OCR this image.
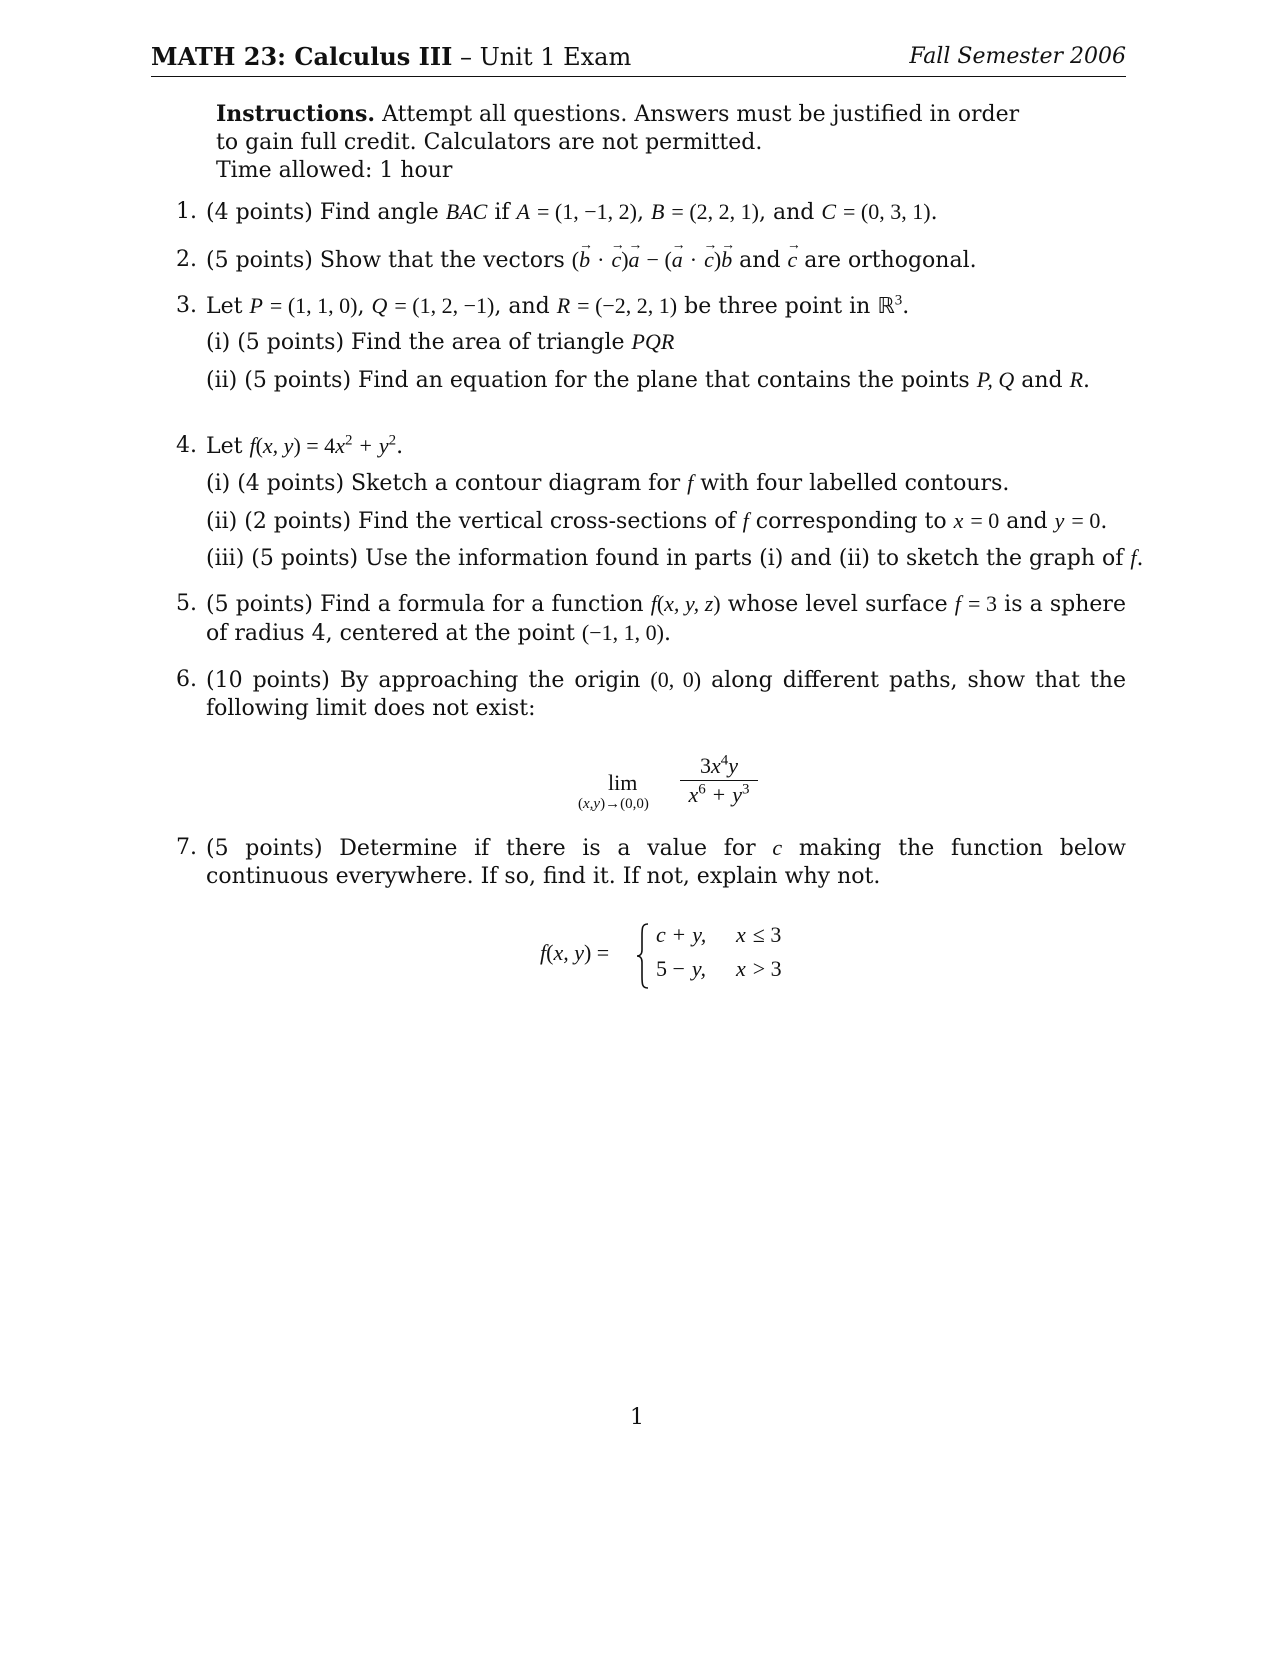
MATH 23: Calculus III – Unit 1 Exam	Fall Semester 2006

Instructions. Attempt all questions. Answers must be justified in order

to gain full credit. Calculators are not permitted.

Time allowed: 1 hour

1. (4 points) Find angle BAC if A = (1, −1, 2), B = (2, 2, 1), and C = (0, 3, 1).
2. (5 points) Show that the vectors (→ b · → c)→ a − (→ a · → c)→ b and → c are orthogonal.
3. Let P = (1, 1, 0), Q = (1, 2, −1), and R = (−2, 2, 1) be three point in ℝ$^3$.
(i) (5 points) Find the area of triangle PQR
(ii) (5 points) Find an equation for the plane that contains the points P, Q and R.
4. Let f(x, $y) = 4x^2 + y^2$.
(i) (4 points) Sketch a contour diagram for f with four labelled contours.
(ii) (2 points) Find the vertical cross-sections of f corresponding to x = 0 and y = 0.
(iii) (5 points) Use the information found in parts (i) and (ii) to sketch the graph of f.
5. (5 points) Find a formula for a function f(x, y, z) whose level surface f = 3 is a sphere of radius 4, centered at the point (−1, 1, 0).
6. (10 points) By approaching the origin (0, 0) along different paths, show that the following limit does not exist:
lim
(x,y)→(0,0)
$3x^4y$
$x^6 + y^3$
7. (5 points) Determine if there is a value for c making the function below continuous everywhere. If so, find it. If not, explain why not.
f(x, y) =
c + y,
5 − y,
x ≤ 3
x > 3
1
